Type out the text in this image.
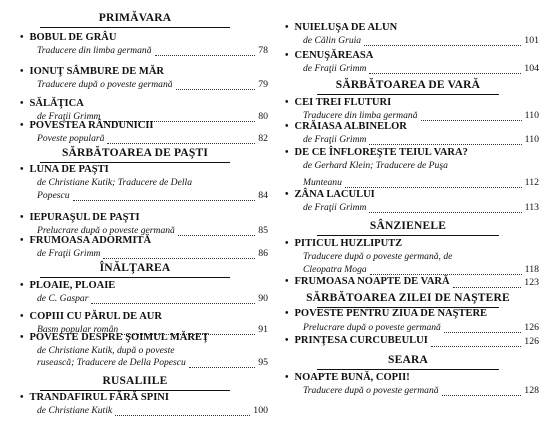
PRIMĂVARA
• BOBUL DE GRÂU
Traducere din limba germană	78
• IONUŢ SÂMBURE DE MĂR
Traducere după o poveste germană	79
• SĂLĂŢICA
de Fraţii Grimm	80
• POVESTEA RÂNDUNICII
Poveste populară	82
SĂRBĂTOAREA DE PAŞTI
• LUNA DE PAŞTI
de Christiane Kutik; Traducere de Della
Popescu	84
• IEPURAŞUL DE PAŞTI
Prelucrare după o poveste germană	85
• FRUMOASA ADORMITĂ
de Fraţii Grimm	86
ÎNĂLŢAREA
• PLOAIE, PLOAIE
de C. Gaspar	90
• COPIII CU PĂRUL DE AUR
Basm popular român	91
• POVESTE DESPRE ŞOIMUL MĂREŢ
de Christiane Kutik, după o poveste
rusească; Traducere de Della Popescu	95
RUSALIILE
• TRANDAFIRUL FĂRĂ SPINI
de Christiane Kutik	100
• NUIELUŞA DE ALUN
de Călin Gruia	101
• CENUŞĂREASA
de Fraţii Grimm	104
SĂRBĂTOAREA DE VARĂ
• CEI TREI FLUTURI
Traducere din limba germană	110
• CRĂIASA ALBINELOR
de Fraţii Grimm	110
• DE CE ÎNFLOREŞTE TEIUL VARA?
de Gerhard Klein; Traducere de Puşa
Munteanu	112
• ZÂNA LACULUI
de Fraţii Grimm	113
SÂNZIENELE
• PITICUL HUZLIPUTZ
Traducere după o poveste germană, de
Cleopatra Moga	118
• FRUMOASA NOAPTE DE VARĂ	123
SĂRBĂTOAREA ZILEI DE NAŞTERE
• POVESTE PENTRU ZIUA DE NAŞTERE
Prelucrare după o poveste germană	126
• PRINŢESA CURCUBEULUI	126
SEARA
• NOAPTE BUNĂ, COPII!
Traducere după o poveste germană	128
